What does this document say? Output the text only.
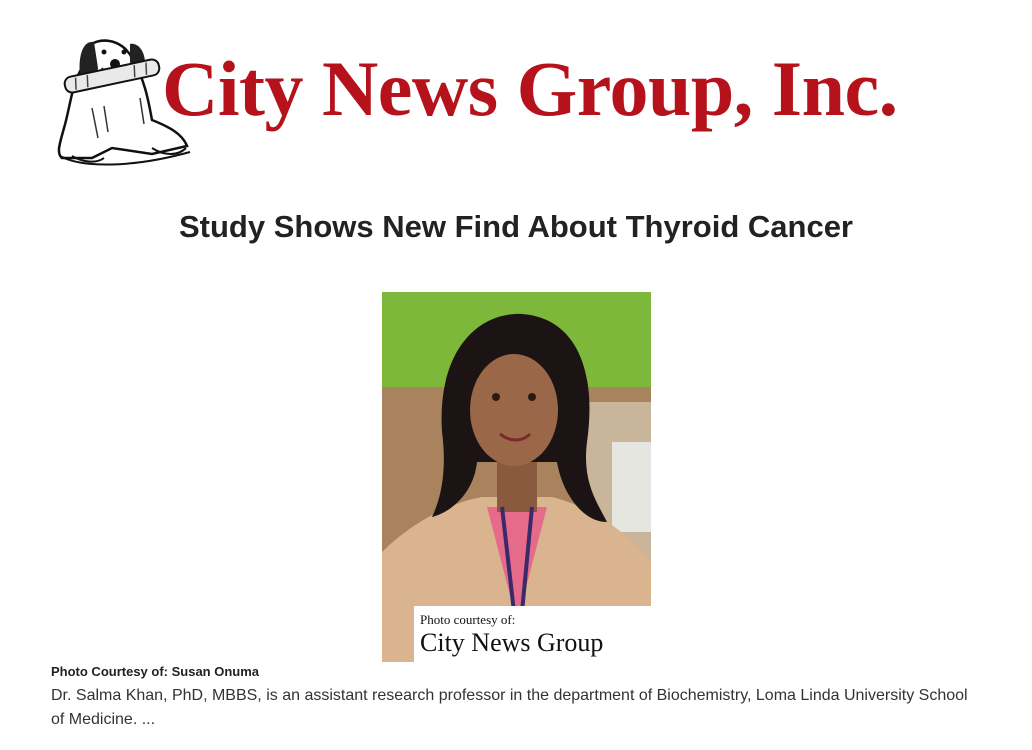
City News Group, Inc.
Study Shows New Find About Thyroid Cancer
Photo courtesy of:
City News Group
Photo Courtesy of: Susan Onuma
Dr. Salma Khan, PhD, MBBS, is an assistant research professor in the department of Biochemistry, Loma Linda University School of Medicine. ...
